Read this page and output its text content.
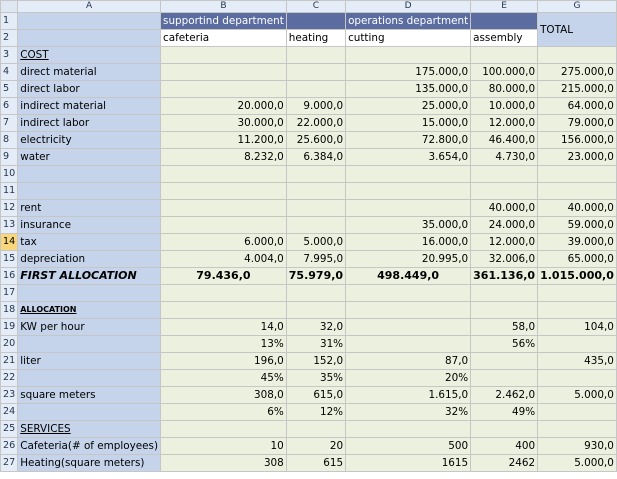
	A	B	C	D	E	G
1		supportind department		operations department		TOTAL
2		cafeteria	heating	cutting	assembly	
3	COST					
4	direct material			175.000,0	100.000,0	275.000,0
5	direct labor			135.000,0	80.000,0	215.000,0
6	indirect material	20.000,0	9.000,0	25.000,0	10.000,0	64.000,0
7	indirect labor	30.000,0	22.000,0	15.000,0	12.000,0	79.000,0
8	electricity	11.200,0	25.600,0	72.800,0	46.400,0	156.000,0
9	water	8.232,0	6.384,0	3.654,0	4.730,0	23.000,0
10						
11						
12	rent				40.000,0	40.000,0
13	insurance			35.000,0	24.000,0	59.000,0
14	tax	6.000,0	5.000,0	16.000,0	12.000,0	39.000,0
15	depreciation	4.004,0	7.995,0	20.995,0	32.006,0	65.000,0
16	FIRST ALLOCATION	79.436,0	75.979,0	498.449,0	361.136,0	1.015.000,0
17						
18	ALLOCATION					
19	KW per hour	14,0	32,0		58,0	104,0
20		13%	31%		56%	
21	liter	196,0	152,0	87,0		435,0
22		45%	35%	20%		
23	square meters	308,0	615,0	1.615,0	2.462,0	5.000,0
24		6%	12%	32%	49%	
25	SERVICES					
26	Cafeteria(# of employees)	10	20	500	400	930,0
27	Heating(square meters)	308	615	1615	2462	5.000,0
